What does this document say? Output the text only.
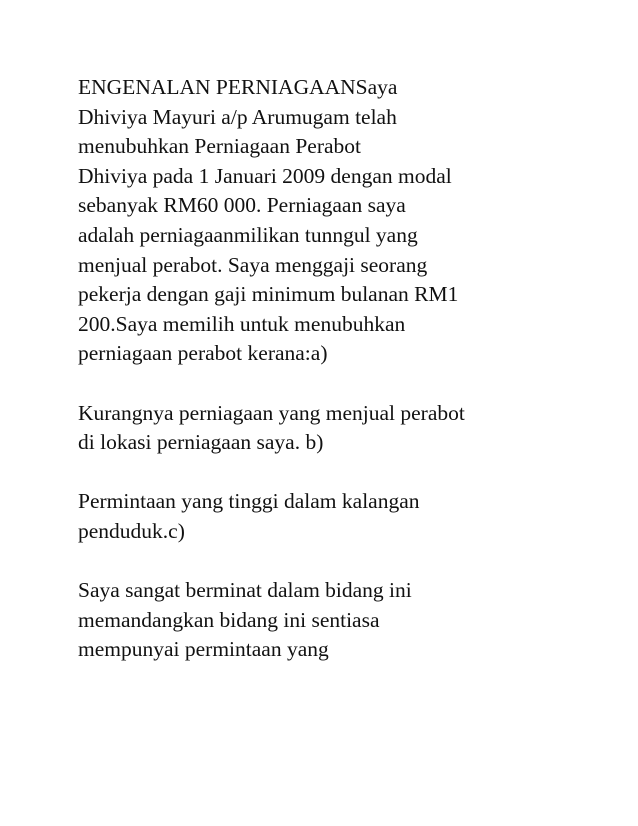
ENGENALAN PERNIAGAANSaya
Dhiviya Mayuri a/p Arumugam telah
menubuhkan Perniagaan Perabot
Dhiviya pada 1 Januari 2009 dengan modal
sebanyak RM60 000. Perniagaan saya
adalah perniagaanmilikan tunngul yang
menjual perabot. Saya menggaji seorang
pekerja dengan gaji minimum bulanan RM1
200.Saya memilih untuk menubuhkan
perniagaan perabot kerana:a)

Kurangnya perniagaan yang menjual perabot
di lokasi perniagaan saya. b)

Permintaan yang tinggi dalam kalangan
penduduk.c)

Saya sangat berminat dalam bidang ini
memandangkan bidang ini sentiasa
mempunyai permintaan yang
